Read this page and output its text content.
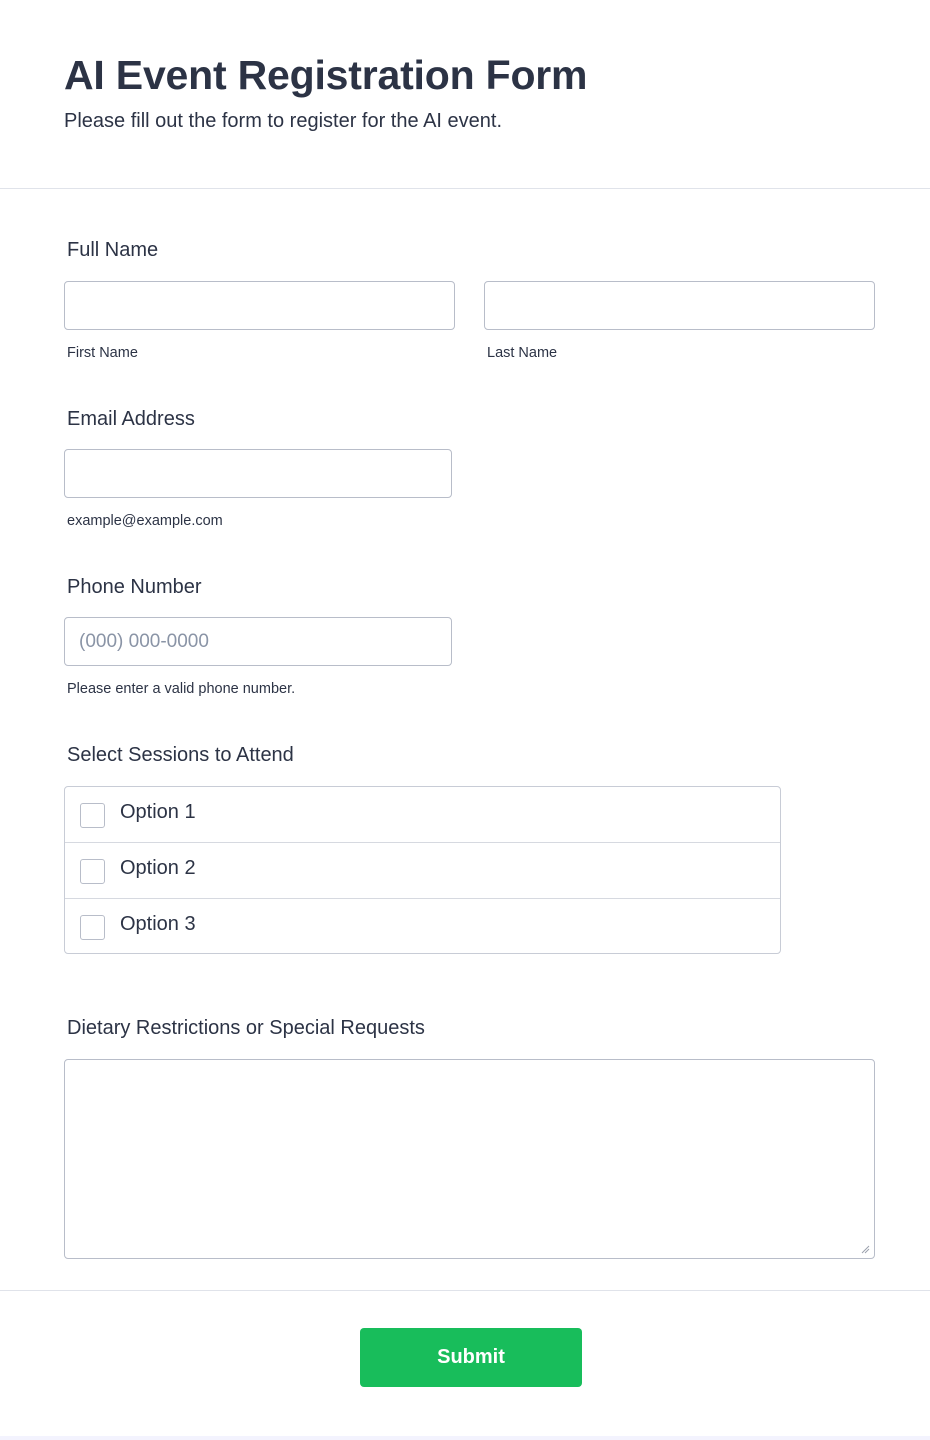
AI Event Registration Form
Please fill out the form to register for the AI event.
Full Name
First Name	Last Name
Email Address
example@example.com
Phone Number
(000) 000-0000
Please enter a valid phone number.
Select Sessions to Attend
Option 1
Option 2
Option 3
Dietary Restrictions or Special Requests
Submit
